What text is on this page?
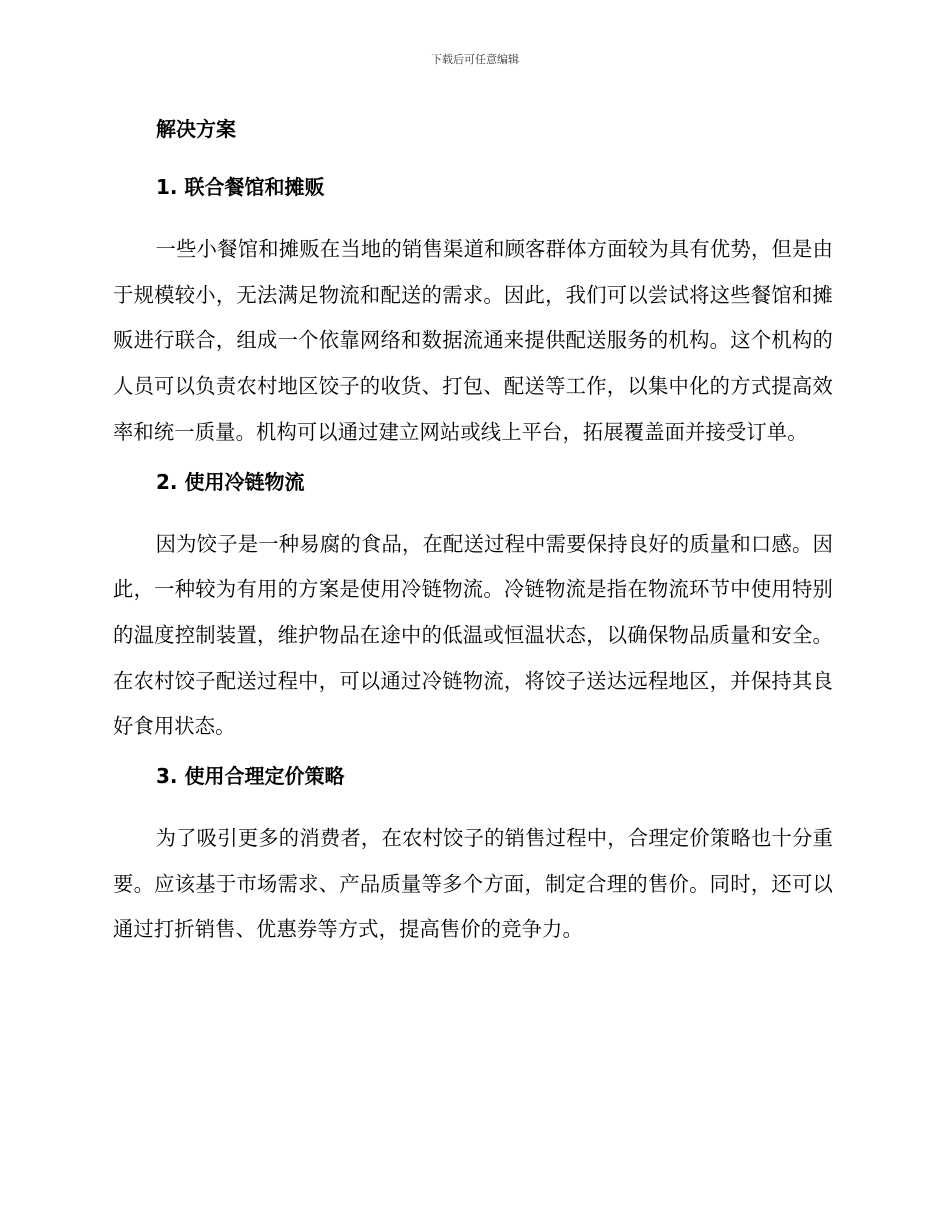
下载后可任意编辑
解决方案
1. 联合餐馆和摊贩

一些小餐馆和摊贩在当地的销售渠道和顾客群体方面较为具有优势，但是由于规模较小，无法满足物流和配送的需求。因此，我们可以尝试将这些餐馆和摊贩进行联合，组成一个依靠网络和数据流通来提供配送服务的机构。这个机构的人员可以负责农村地区饺子的收货、打包、配送等工作，以集中化的方式提高效率和统一质量。机构可以通过建立网站或线上平台，拓展覆盖面并接受订单。

2. 使用冷链物流

因为饺子是一种易腐的食品，在配送过程中需要保持良好的质量和口感。因此，一种较为有用的方案是使用冷链物流。冷链物流是指在物流环节中使用特别的温度控制装置，维护物品在途中的低温或恒温状态，以确保物品质量和安全。在农村饺子配送过程中，可以通过冷链物流，将饺子送达远程地区，并保持其良好食用状态。

3. 使用合理定价策略

为了吸引更多的消费者，在农村饺子的销售过程中，合理定价策略也十分重要。应该基于市场需求、产品质量等多个方面，制定合理的售价。同时，还可以通过打折销售、优惠券等方式，提高售价的竞争力。
